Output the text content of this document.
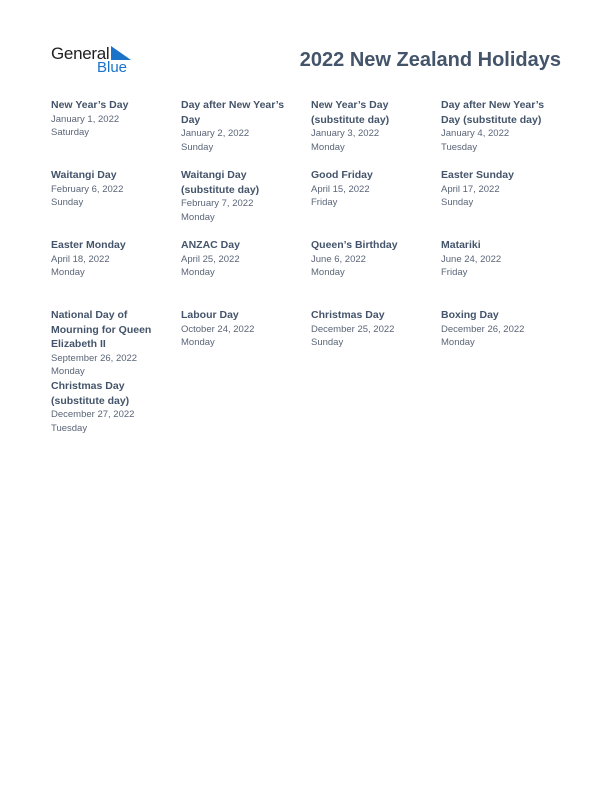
General
Blue	2022 New Zealand Holidays
New Year’s Day
January 1, 2022
Saturday
Day after New Year’s Day
January 2, 2022
Sunday
New Year’s Day (substitute day)
January 3, 2022
Monday
Day after New Year’s Day (substitute day)
January 4, 2022
Tuesday
Waitangi Day
February 6, 2022
Sunday
Waitangi Day (substitute day)
February 7, 2022
Monday
Good Friday
April 15, 2022
Friday
Easter Sunday
April 17, 2022
Sunday
Easter Monday
April 18, 2022
Monday
ANZAC Day
April 25, 2022
Monday
Queen’s Birthday
June 6, 2022
Monday
Matariki
June 24, 2022
Friday
National Day of Mourning for Queen Elizabeth II
September 26, 2022
Monday
Labour Day
October 24, 2022
Monday
Christmas Day
December 25, 2022
Sunday
Boxing Day
December 26, 2022
Monday
Christmas Day (substitute day)
December 27, 2022
Tuesday
